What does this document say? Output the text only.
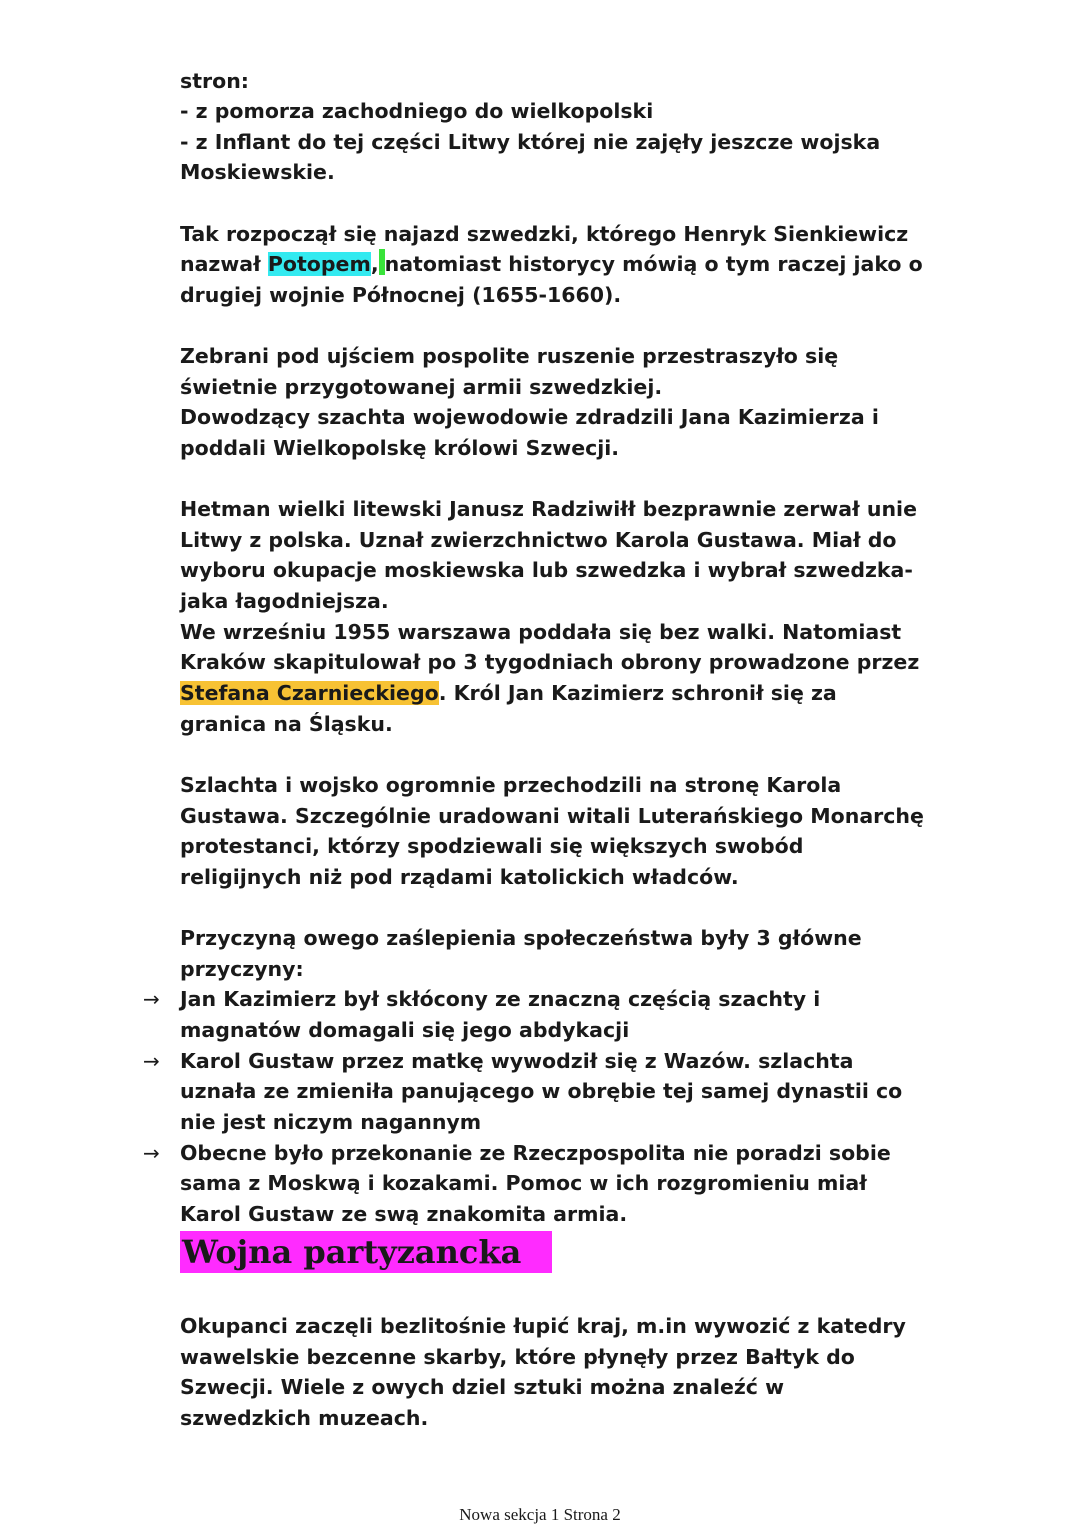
stron:
- z pomorza zachodniego do wielkopolski
- z Inflant do tej części Litwy której nie zajęły jeszcze wojska
Moskiewskie.
Tak rozpoczął się najazd szwedzki, którego Henryk Sienkiewicz
nazwał Potopem, natomiast historycy mówią o tym raczej jako o
drugiej wojnie Północnej (1655-1660).
Zebrani pod ujściem pospolite ruszenie przestraszyło się
świetnie przygotowanej armii szwedzkiej.
Dowodzący szachta wojewodowie zdradzili Jana Kazimierza i
poddali Wielkopolskę królowi Szwecji.
Hetman wielki litewski Janusz Radziwiłł bezprawnie zerwał unie
Litwy z polska. Uznał zwierzchnictwo Karola Gustawa. Miał do
wyboru okupacje moskiewska lub szwedzka i wybrał szwedzka-
jaka łagodniejsza.
We wrześniu 1955 warszawa poddała się bez walki. Natomiast
Kraków skapitulował po 3 tygodniach obrony prowadzone przez
Stefana Czarnieckiego. Król Jan Kazimierz schronił się za
granica na Śląsku.
Szlachta i wojsko ogromnie przechodzili na stronę Karola
Gustawa. Szczególnie uradowani witali Luterańskiego Monarchę
protestanci, którzy spodziewali się większych swobód
religijnych niż pod rządami katolickich władców.
Przyczyną owego zaślepienia społeczeństwa były 3 główne
przyczyny:
→ Jan Kazimierz był skłócony ze znaczną częścią szachty i
magnatów domagali się jego abdykacji
→ Karol Gustaw przez matkę wywodził się z Wazów. szlachta
uznała ze zmieniła panującego w obrębie tej samej dynastii co
nie jest niczym nagannym
→ Obecne było przekonanie ze Rzeczpospolita nie poradzi sobie
sama z Moskwą i kozakami. Pomoc w ich rozgromieniu miał
Karol Gustaw ze swą znakomita armia.
Wojna partyzancka
Okupanci zaczęli bezlitośnie łupić kraj, m.in wywozić z katedry
wawelskie bezcenne skarby, które płynęły przez Bałtyk do
Szwecji. Wiele z owych dziel sztuki można znaleźć w
szwedzkich muzeach.
Nowa sekcja 1 Strona 2
